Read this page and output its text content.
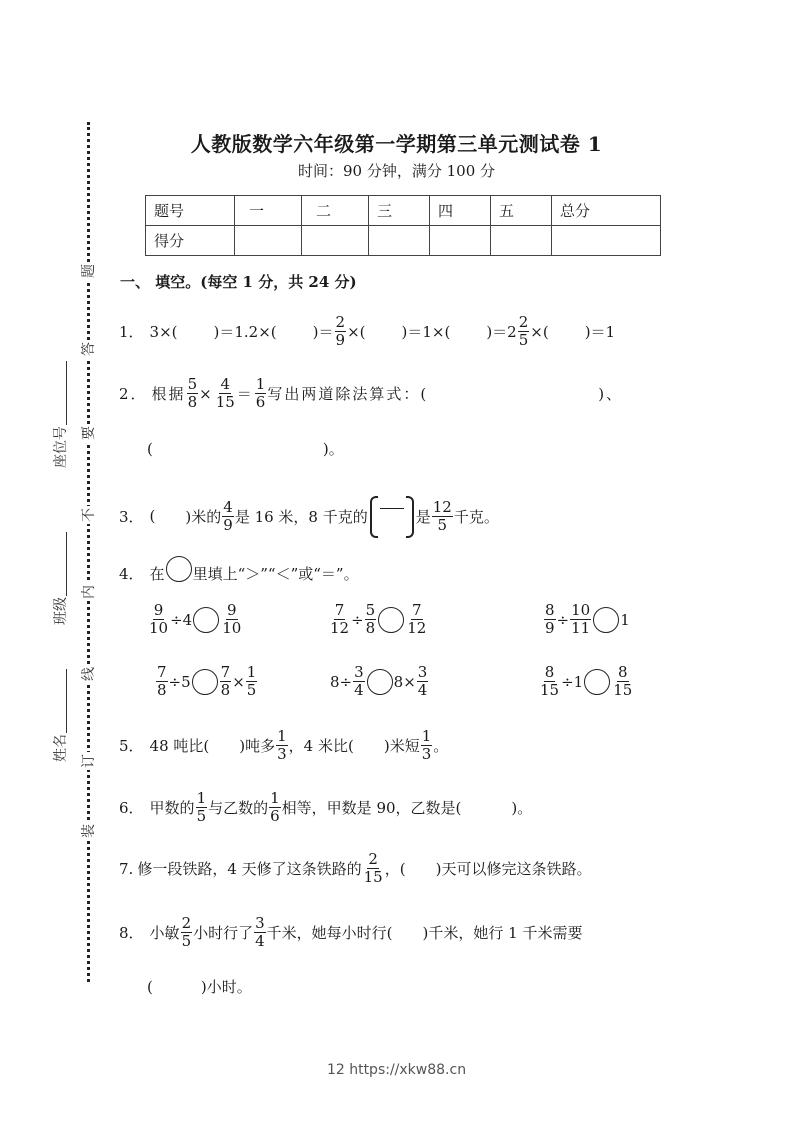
题
答
要
不
内
线
订
装
座位号
班级
姓名
人教版数学六年级第一学期第三单元测试卷 1
时间：90 分钟，满分 100 分
题号	一	二	三	四	五	总分
得分						
一、 填空。(每空 1 分，共 24 分)
1． 3×( )＝1.2×( )＝ $\frac{2}{9}$ ×( )＝1×( )$=2 \frac{2}{5}$ ×( )＝1
2． 根据 $\frac{5}{8} \times \frac{4}{15} = \frac{1}{6}$ 写出两道除法算式：(	)、
(	)。
3． ( )米的 $\frac{4}{9}$ 是 16 米，8 千克的	是 $\frac{12}{5}$ 千克。
4． 在 里填上“＞”“＜”或“＝”。
$\frac{9}{10} \div 4 \frac{9}{10}$	$\frac{7}{12} \div \frac{5}{8} \frac{7}{12}$	$\frac{8}{9} \div \frac{10}{11} 1$
$\frac{7}{8} \div 5 \frac{7}{8} \times \frac{1}{5}$	$8\div \frac{3}{4} 8\times \frac{3}{4}$	$\frac{8}{15} \div 1 \frac{8}{15}$
5． 48 吨比( )吨多 $\frac{1}{3}$ ，4 米比( )米短 $\frac{1}{3}$ 。
6． 甲数的 $\frac{1}{5}$ 与乙数的 $\frac{1}{6}$ 相等，甲数是 90，乙数是(	)。
7. 修一段铁路，4 天修了这条铁路的 $\frac{2}{15}$ ，( )天可以修完这条铁路。
8． 小敏 $\frac{2}{5}$ 小时行了 $\frac{3}{4}$ 千米，她每小时行( )千米，她行 1 千米需要
(	)小时。
12 https://xkw88.cn
